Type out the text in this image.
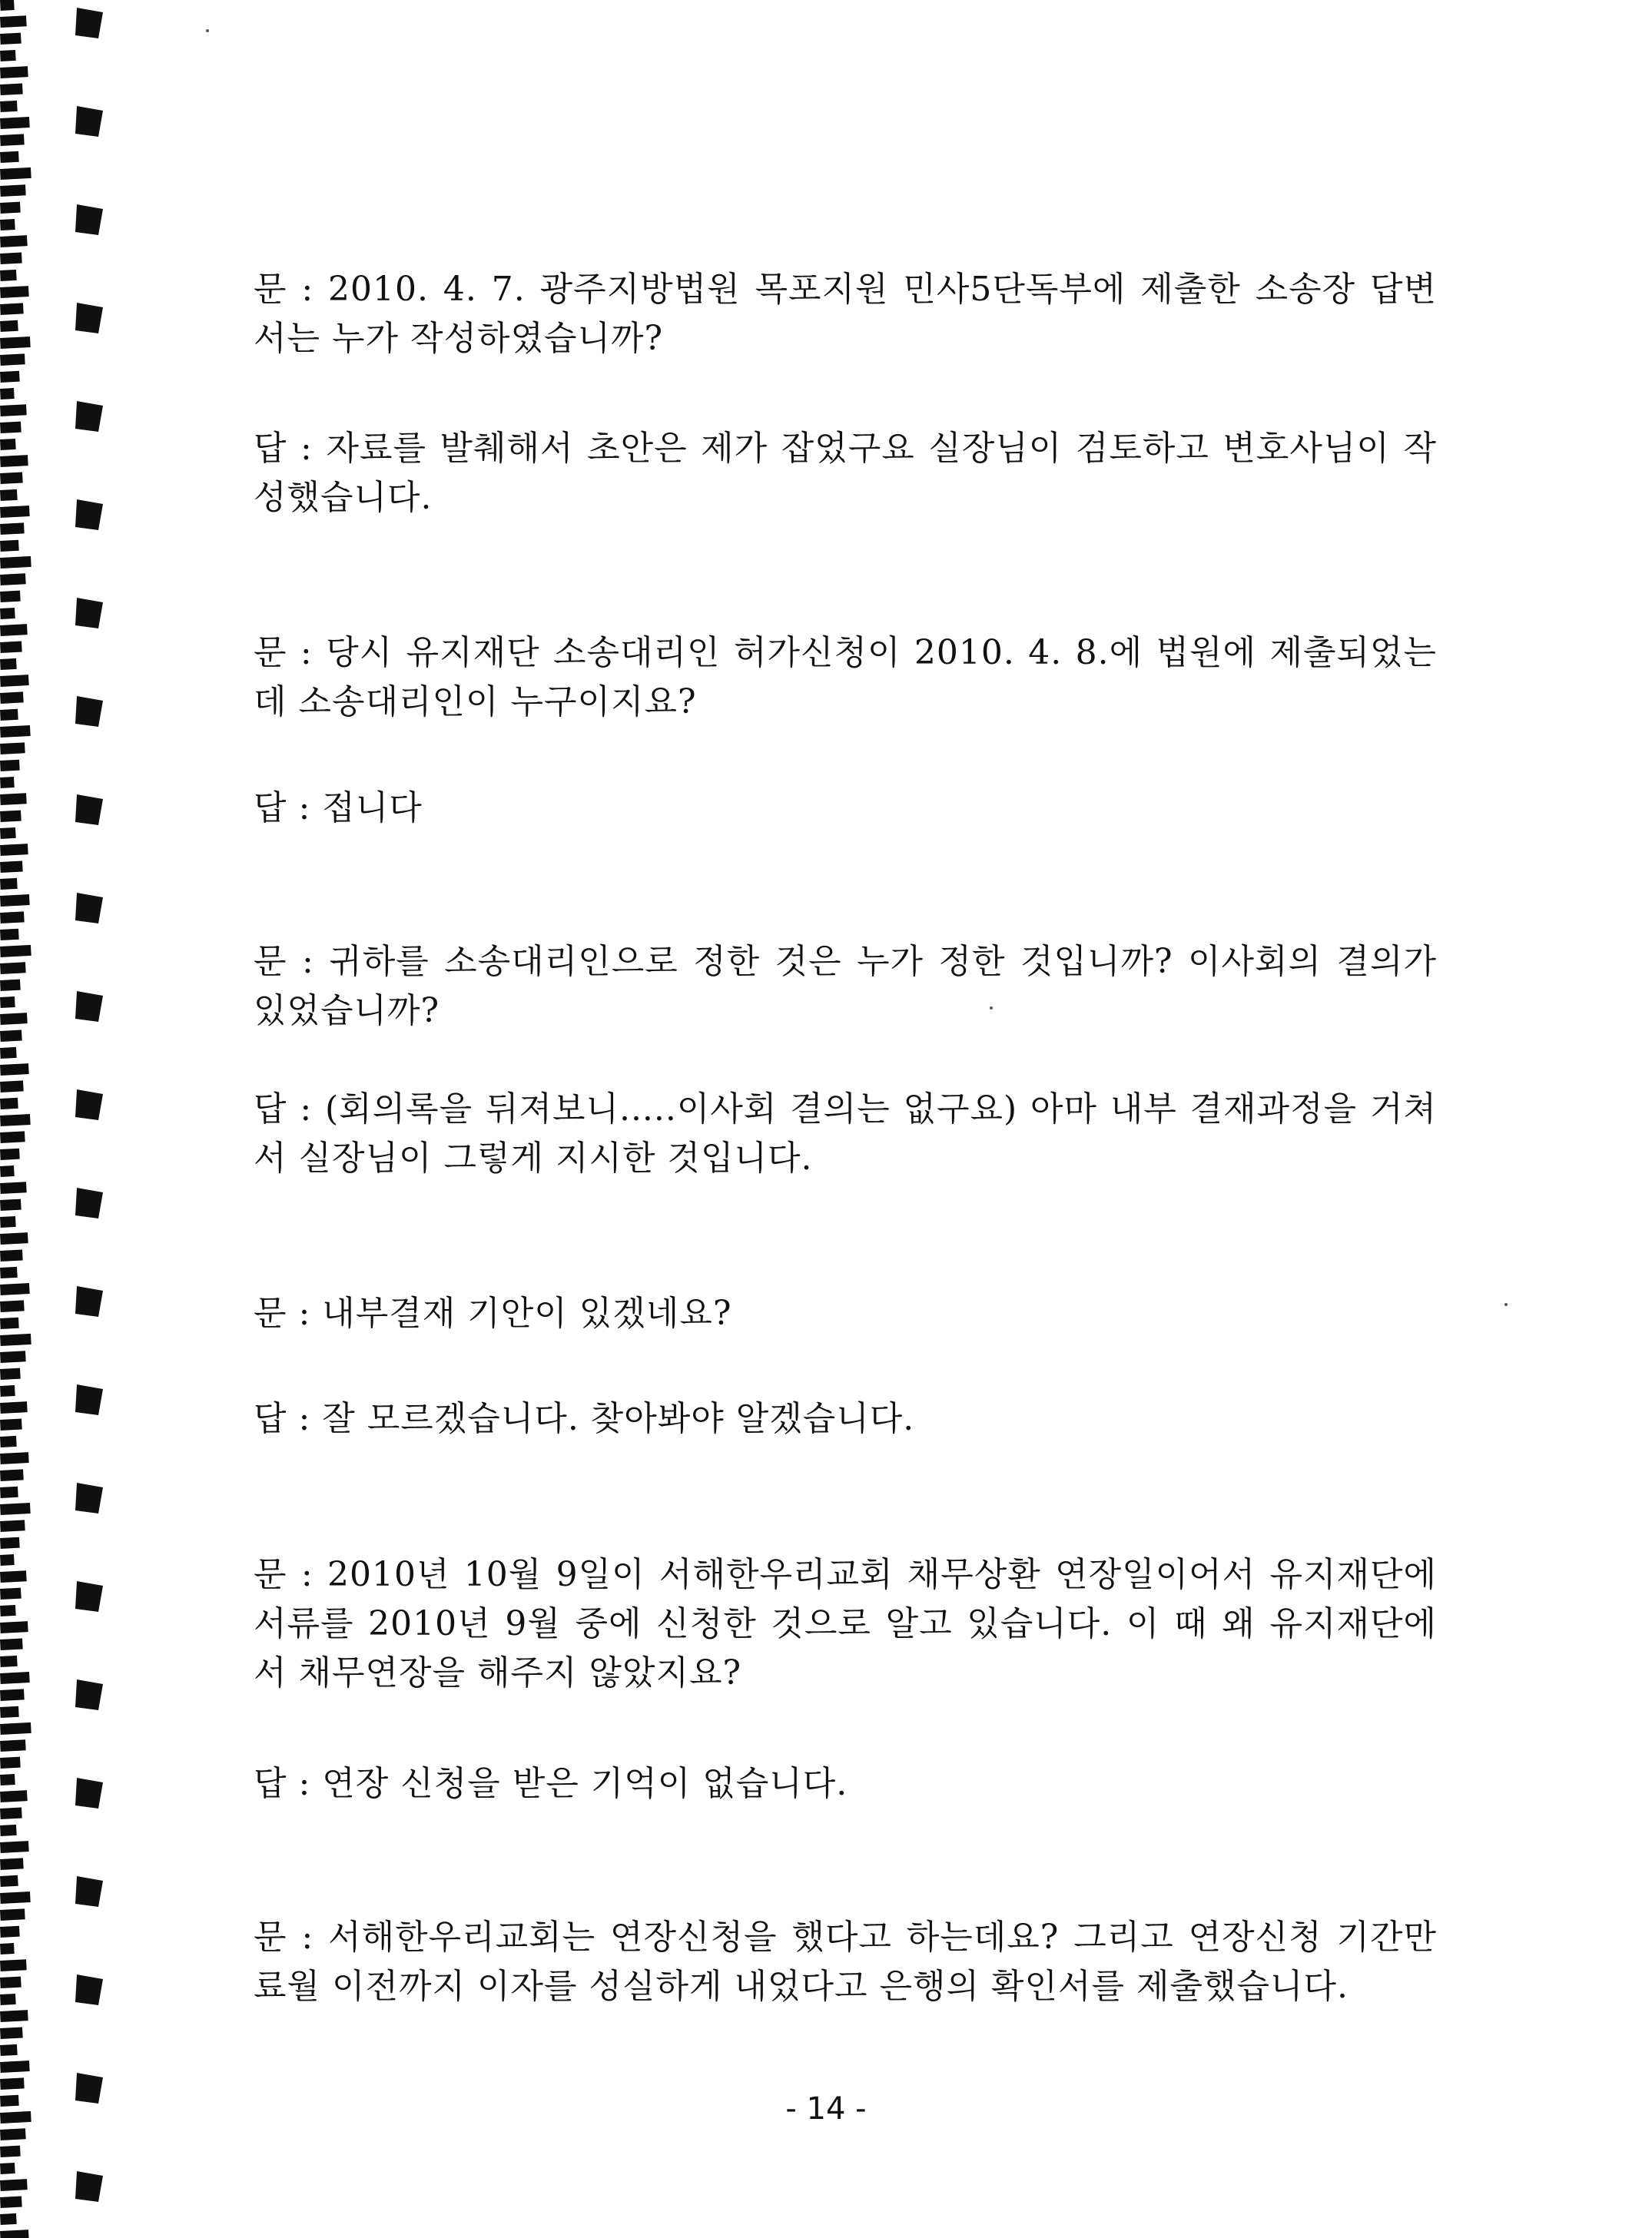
문 : 2010. 4. 7. 광주지방법원 목포지원 민사5단독부에 제출한 소송장 답변서는 누가 작성하였습니까?

답 : 자료를 발췌해서 초안은 제가 잡었구요 실장님이 검토하고 변호사님이 작성했습니다.

문 : 당시 유지재단 소송대리인 허가신청이 2010. 4. 8.에 법원에 제출되었는데 소송대리인이 누구이지요?

답 : 접니다

문 : 귀하를 소송대리인으로 정한 것은 누가 정한 것입니까? 이사회의 결의가 있었습니까?

답 : (회의록을 뒤져보니.....이사회 결의는 없구요) 아마 내부 결재과정을 거쳐서 실장님이 그렇게 지시한 것입니다.

문 : 내부결재 기안이 있겠네요?

답 : 잘 모르겠습니다. 찾아봐야 알겠습니다.

문 : 2010년 10월 9일이 서해한우리교회 채무상환 연장일이어서 유지재단에 서류를 2010년 9월 중에 신청한 것으로 알고 있습니다. 이 때 왜 유지재단에서 채무연장을 해주지 않았지요?

답 : 연장 신청을 받은 기억이 없습니다.

문 : 서해한우리교회는 연장신청을 했다고 하는데요? 그리고 연장신청 기간만료월 이전까지 이자를 성실하게 내었다고 은행의 확인서를 제출했습니다.

- 14 -
